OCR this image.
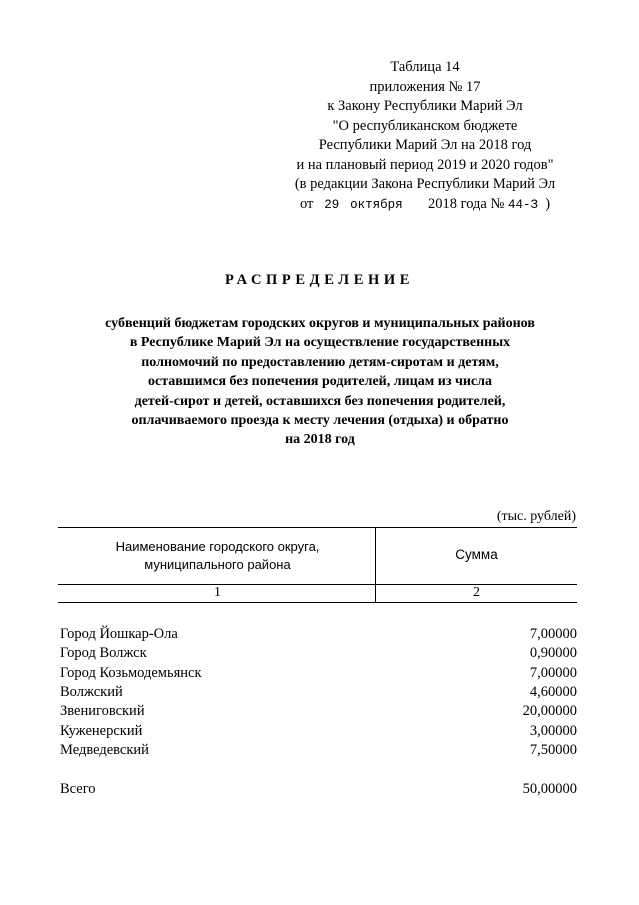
Таблица 14
приложения № 17
к Закону Республики Марий Эл
"О республиканском бюджете
Республики Марий Эл на 2018 год
и на плановый период 2019 и 2020 годов"
(в редакции Закона Республики Марий Эл
от 29 октября 2018 года № 44-З )
РАСПРЕДЕЛЕНИЕ
субвенций бюджетам городских округов и муниципальных районов
в Республике Марий Эл на осуществление государственных
полномочий по предоставлению детям-сиротам и детям,
оставшимся без попечения родителей, лицам из числа
детей-сирот и детей, оставшихся без попечения родителей,
оплачиваемого проезда к месту лечения (отдыха) и обратно
на 2018 год
(тыс. рублей)
Наименование городского округа,
муниципального района
Сумма
1	2
Город Йошкар-Ола	7,00000
Город Волжск	0,90000
Город Козьмодемьянск	7,00000
Волжский	4,60000
Звениговский	20,00000
Куженерский	3,00000
Медведевский	7,50000
Всего	50,00000
